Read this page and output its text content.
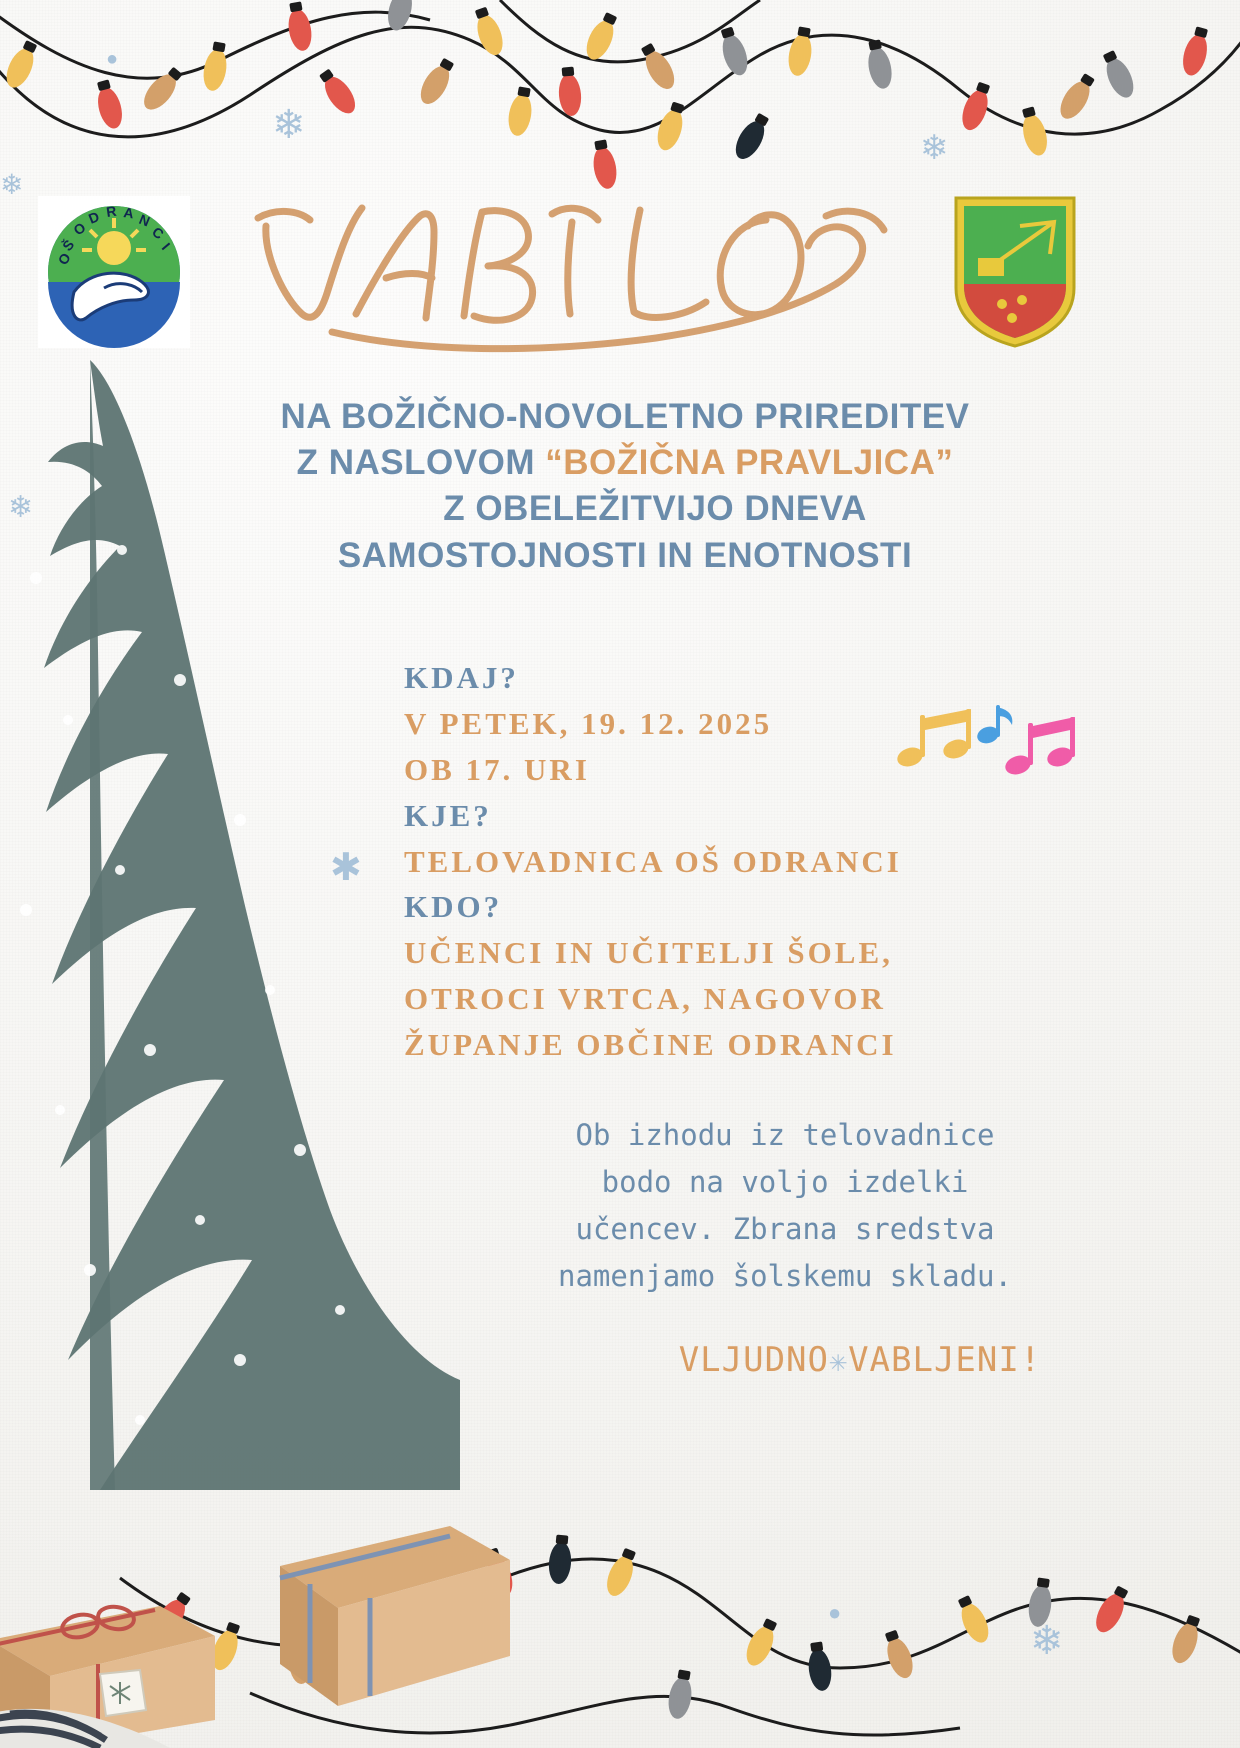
O
Š
O
D R A N
C
I
❄
❄
❄
❄
✱
❄
●
●
NA BOŽIČNO-NOVOLETNO PRIREDITEV
Z NASLOVOM “BOŽIČNA PRAVLJICA”
Z OBELEŽITVIJO DNEVA
SAMOSTOJNOSTI IN ENOTNOSTI
KDAJ?
V PETEK, 19. 12. 2025
OB 17. URI
KJE?
TELOVADNICA OŠ ODRANCI
KDO?
UČENCI IN UČITELJI ŠOLE,
OTROCI VRTCA, NAGOVOR
ŽUPANJE OBČINE ODRANCI
Ob izhodu iz telovadnice
bodo na voljo izdelki
učencev. Zbrana sredstva
namenjamo šolskemu skladu.
VLJUDNO✳VABLJENI!
